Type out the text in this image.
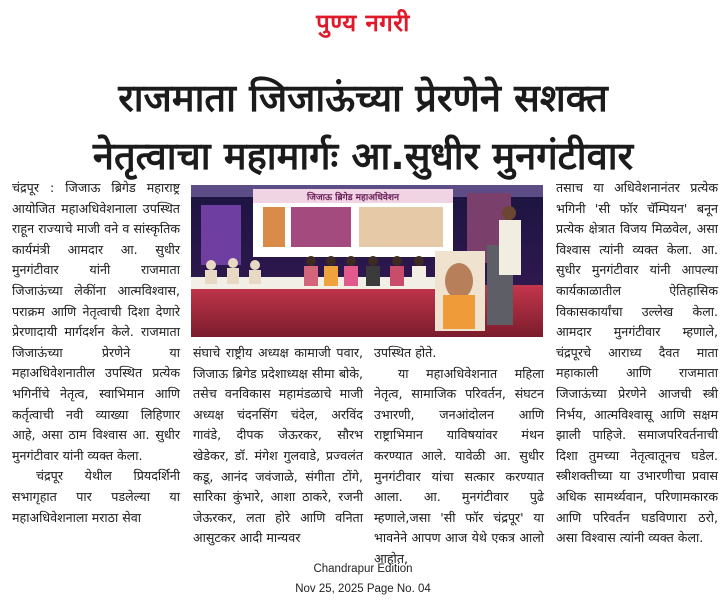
पुण्य नगरी
राजमाता जिजाऊंच्या प्रेरणेने सशक्त
नेतृत्वाचा महामार्गः आ.सुधीर मुनगंटीवार

चंद्रपूर : जिजाऊ ब्रिगेड महाराष्ट्र आयोजित महाअधिवेशनाला उपस्थित राहून राज्याचे माजी वने व सांस्कृतिक कार्यमंत्री आमदार आ. सुधीर मुनगंटीवार यांनी राजमाता जिजाऊंच्या लेकींना आत्मविश्वास, पराक्रम आणि नेतृत्वाची दिशा देणारे प्रेरणादायी मार्गदर्शन केले. राजमाता जिजाऊंच्या प्रेरणेने या महाअधिवेशनातील उपस्थित प्रत्येक भगिनींचे नेतृत्व, स्वाभिमान आणि कर्तृत्वाची नवी व्याख्या लिहिणार आहे, असा ठाम विश्वास आ. सुधीर मुनगंटीवार यांनी व्यक्त केला.

चंद्रपूर येथील प्रियदर्शिनी सभागृहात पार पडलेल्या या महाअधिवेशनाला मराठा सेवा

जिजाऊ ब्रिगेड महाअधिवेशन

संघाचे राष्ट्रीय अध्यक्ष कामाजी पवार, जिजाऊ ब्रिगेड प्रदेशाध्यक्ष सीमा बोके, तसेच वनविकास महामंडळाचे माजी अध्यक्ष चंदनसिंग चंदेल, अरविंद गावंडे, दीपक जेऊरकर, सौरभ खेडेकर, डॉ. मंगेश गुलवाडे, प्रज्वलंत कडू, आनंद जवंजाळे, संगीता टोंगे, सारिका कुंभारे, आशा ठाकरे, रजनी जेऊरकर, लता होरे आणि वनिता आसुटकर आदी मान्यवर

उपस्थित होते.

या महाअधिवेशनात महिला नेतृत्व, सामाजिक परिवर्तन, संघटन उभारणी, जनआंदोलन आणि राष्ट्राभिमान याविषयांवर मंथन करण्यात आले. यावेळी आ. सुधीर मुनगंटीवार यांचा सत्कार करण्यात आला. आ. मुनगंटीवार पुढे म्हणाले,जसा 'सी फॉर चंद्रपूर' या भावनेने आपण आज येथे एकत्र आलो आहोत,

तसाच या अधिवेशनानंतर प्रत्येक भगिनी 'सी फॉर चॅम्पियन' बनून प्रत्येक क्षेत्रात विजय मिळवेल, असा विश्वास त्यांनी व्यक्त केला. आ. सुधीर मुनगंटीवार यांनी आपल्या कार्यकाळातील ऐतिहासिक विकासकार्यांचा उल्लेख केला. आमदार मुनगंटीवार म्हणाले, चंद्रपूरचे आराध्य दैवत माता महाकाली आणि राजमाता जिजाऊंच्या प्रेरणेने आजची स्त्री निर्भय, आत्मविश्वासू आणि सक्षम झाली पाहिजे. समाजपरिवर्तनाची दिशा तुमच्या नेतृत्वातूनच घडेल. स्त्रीशक्तीच्या या उभारणीचा प्रवास अधिक सामर्थ्यवान, परिणामकारक आणि परिवर्तन घडविणारा ठरो, असा विश्वास त्यांनी व्यक्त केला.

Chandrapur Edition
Nov 25, 2025 Page No. 04
